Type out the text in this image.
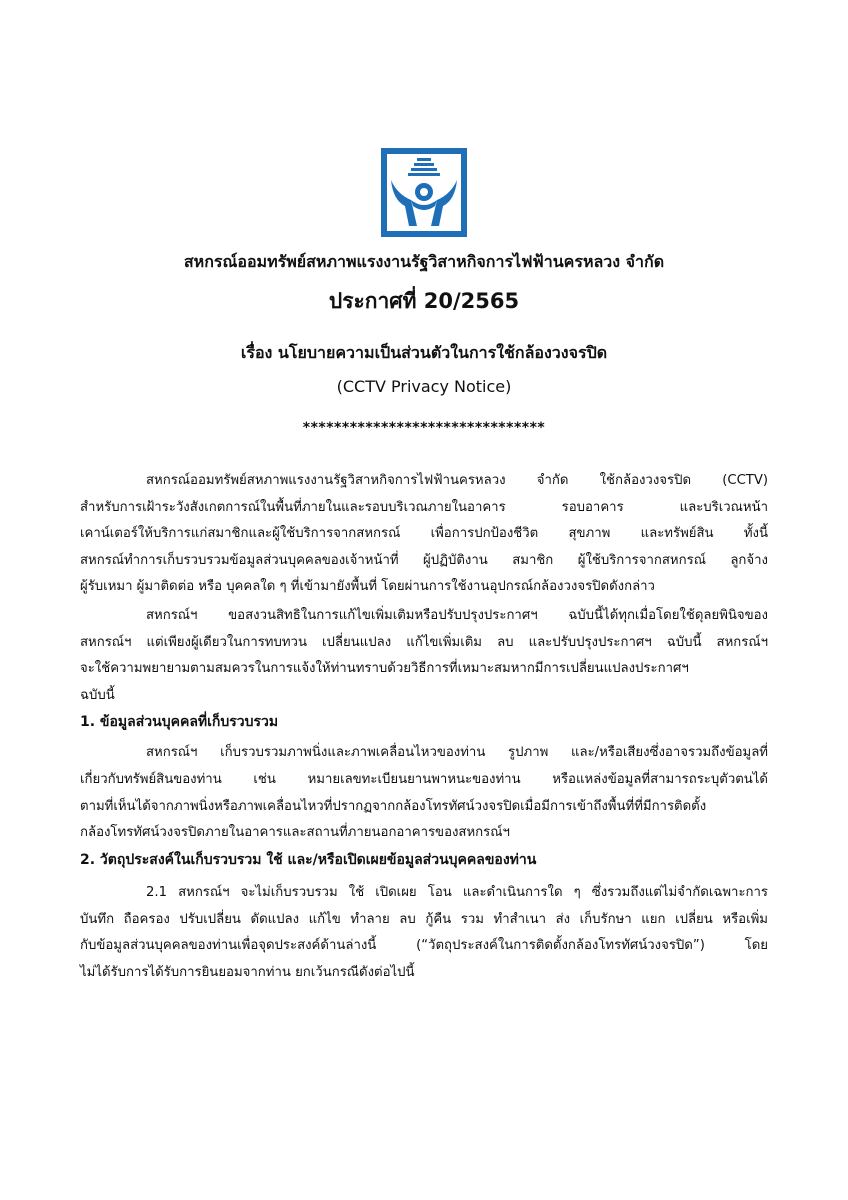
สหกรณ์ออมทรัพย์สหภาพแรงงานรัฐวิสาหกิจการไฟฟ้านครหลวง จำกัด
ประกาศที่ 20/2565
เรื่อง นโยบายความเป็นส่วนตัวในการใช้กล้องวงจรปิด
(CCTV Privacy Notice)
*******************************
สหกรณ์ออมทรัพย์สหภาพแรงงานรัฐวิสาหกิจการไฟฟ้านครหลวง จำกัด ใช้กล้องวงจรปิด (CCTV)
สำหรับการเฝ้าระวังสังเกตการณ์ในพื้นที่ภายในและรอบบริเวณภายในอาคาร รอบอาคาร และบริเวณหน้า
เคาน์เตอร์ให้บริการแก่สมาชิกและผู้ใช้บริการจากสหกรณ์ เพื่อการปกป้องชีวิต สุขภาพ และทรัพย์สิน ทั้งนี้
สหกรณ์ทำการเก็บรวบรวมข้อมูลส่วนบุคคลของเจ้าหน้าที่ ผู้ปฏิบัติงาน สมาชิก ผู้ใช้บริการจากสหกรณ์ ลูกจ้าง
ผู้รับเหมา ผู้มาติดต่อ หรือ บุคคลใด ๆ ที่เข้ามายังพื้นที่ โดยผ่านการใช้งานอุปกรณ์กล้องวงจรปิดดังกล่าว
สหกรณ์ฯ ขอสงวนสิทธิในการแก้ไขเพิ่มเติมหรือปรับปรุงประกาศฯ ฉบับนี้ได้ทุกเมื่อโดยใช้ดุลยพินิจของ
สหกรณ์ฯ แต่เพียงผู้เดียวในการทบทวน เปลี่ยนแปลง แก้ไขเพิ่มเติม ลบ และปรับปรุงประกาศฯ ฉบับนี้ สหกรณ์ฯ
จะใช้ความพยายามตามสมควรในการแจ้งให้ท่านทราบด้วยวิธีการที่เหมาะสมหากมีการเปลี่ยนแปลงประกาศฯ
ฉบับนี้
1. ข้อมูลส่วนบุคคลที่เก็บรวบรวม
สหกรณ์ฯ เก็บรวบรวมภาพนิ่งและภาพเคลื่อนไหวของท่าน รูปภาพ และ/หรือเสียงซึ่งอาจรวมถึงข้อมูลที่
เกี่ยวกับทรัพย์สินของท่าน เช่น หมายเลขทะเบียนยานพาหนะของท่าน หรือแหล่งข้อมูลที่สามารถระบุตัวตนได้
ตามที่เห็นได้จากภาพนิ่งหรือภาพเคลื่อนไหวที่ปรากฏจากกล้องโทรทัศน์วงจรปิดเมื่อมีการเข้าถึงพื้นที่ที่มีการติดตั้ง
กล้องโทรทัศน์วงจรปิดภายในอาคารและสถานที่ภายนอกอาคารของสหกรณ์ฯ
2. วัตถุประสงค์ในเก็บรวบรวม ใช้ และ/หรือเปิดเผยข้อมูลส่วนบุคคลของท่าน
2.1 สหกรณ์ฯ จะไม่เก็บรวบรวม ใช้ เปิดเผย โอน และดำเนินการใด ๆ ซึ่งรวมถึงแต่ไม่จำกัดเฉพาะการ
บันทึก ถือครอง ปรับเปลี่ยน ดัดแปลง แก้ไข ทำลาย ลบ กู้คืน รวม ทำสำเนา ส่ง เก็บรักษา แยก เปลี่ยน หรือเพิ่ม
กับข้อมูลส่วนบุคคลของท่านเพื่อจุดประสงค์ด้านล่างนี้ (“วัตถุประสงค์ในการติดตั้งกล้องโทรทัศน์วงจรปิด”) โดย
ไม่ได้รับการได้รับการยินยอมจากท่าน ยกเว้นกรณีดังต่อไปนี้
